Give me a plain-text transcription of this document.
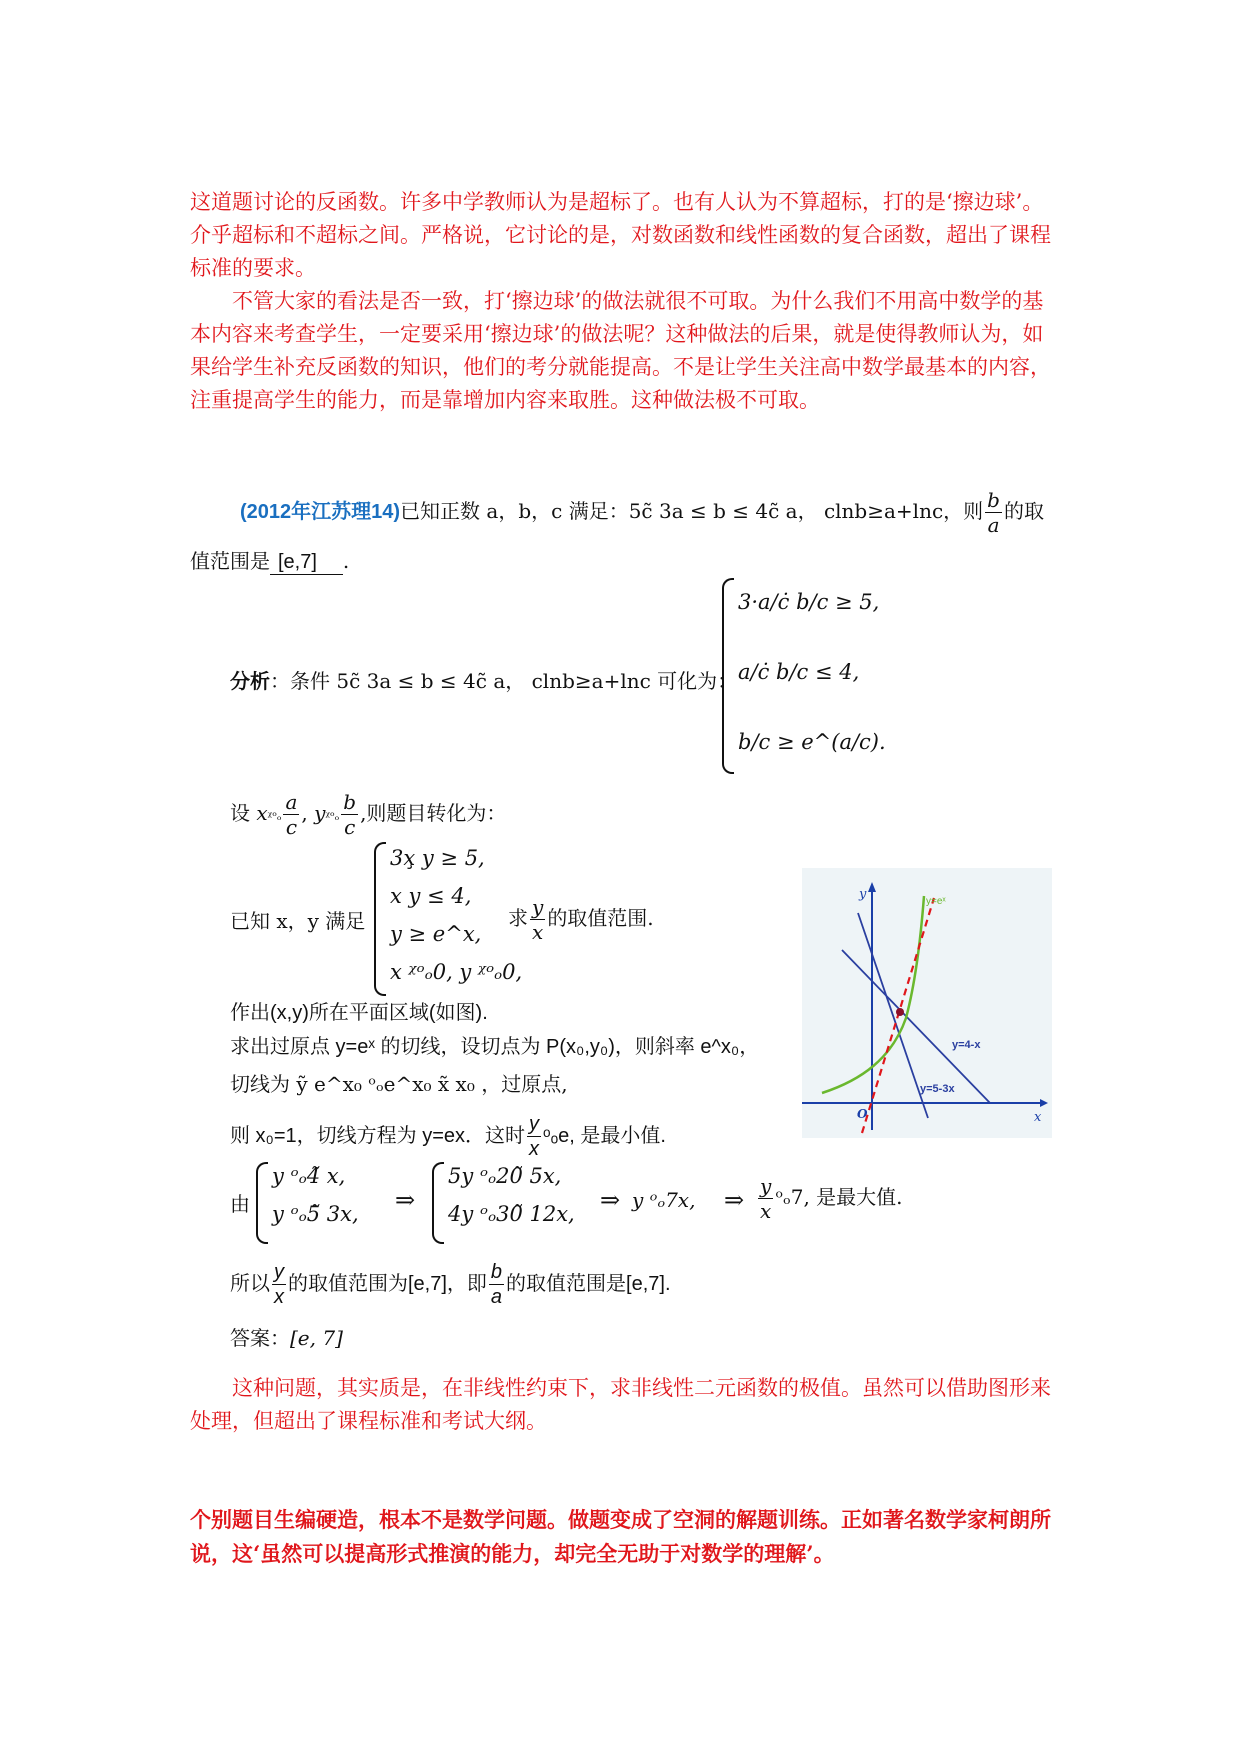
这道题讨论的反函数。许多中学教师认为是超标了。也有人认为不算超标，打的是‘擦边球’。介乎超标和不超标之间。严格说，它讨论的是，对数函数和线性函数的复合函数，超出了课程标准的要求。
不管大家的看法是否一致，打‘擦边球’的做法就很不可取。为什么我们不用高中数学的基本内容来考查学生，一定要采用‘擦边球’的做法呢？这种做法的后果，就是使得教师认为，如果给学生补充反函数的知识，他们的考分就能提高。不是让学生关注高中数学最基本的内容，注重提高学生的能力，而是靠增加内容来取胜。这种做法极不可取。
(2012年江苏理14)已知正数 a，b，c 满足：5c̃ 3a ≤ b ≤ 4c̃ a， clnb≥a+lnc，则 $\frac{b}{a}$ 的取
值范围是 [e,7] .
分析：条件 5c̃ 3a ≤ b ≤ 4c̃ a， clnb≥a+lnc 可化为：
3·a/ċ b/c ≥ 5,
a/ċ b/c ≤ 4,
b/c ≥ e^(a/c).
设 xᵡᵒₒ $\frac{a}{c}$ , yᵡᵒₒ $\frac{b}{c}$ ,则题目转化为：
已知 x，y 满足
3x̧ y ≥ 5,
x y ≤ 4,
y ≥ e^x,
x ᵡᵒₒ0, y ᵡᵒₒ0,
求 $\frac{y}{x}$ 的取值范围.
作出(x,y)所在平面区域(如图).
求出过原点 y=eˣ 的切线，设切点为 P(x₀,y₀)，则斜率 e^x₀，
切线为 ỹ e^x₀ ᵒₒe^x₀ x̃ x₀ ，过原点,
则 x₀=1，切线方程为 y=ex．这时 $\frac{y}{x}$ ᵒₒe, 是最小值.
由
y ᵒₒ4̃ x,
y ᵒₒ5̃ 3x, ⇒
5y ᵒₒ20̃ 5x,
4y ᵒₒ30̃ 12x, ⇒ y ᵒₒ7x, ⇒ $\frac{y}{x}$ ᵒₒ7, 是最大值.
所以 $\frac{y}{x}$ 的取值范围为[e,7]，即 $\frac{b}{a}$ 的取值范围是[e,7].
答案：[e, 7]
这种问题，其实质是，在非线性约束下，求非线性二元函数的极值。虽然可以借助图形来处理，但超出了课程标准和考试大纲。
个别题目生编硬造，根本不是数学问题。做题变成了空洞的解题训练。正如著名数学家柯朗所说，这‘虽然可以提高形式推演的能力，却完全无助于对数学的理解’。
y
x
O
y=eˣ
y=4-x
y=5-3x
